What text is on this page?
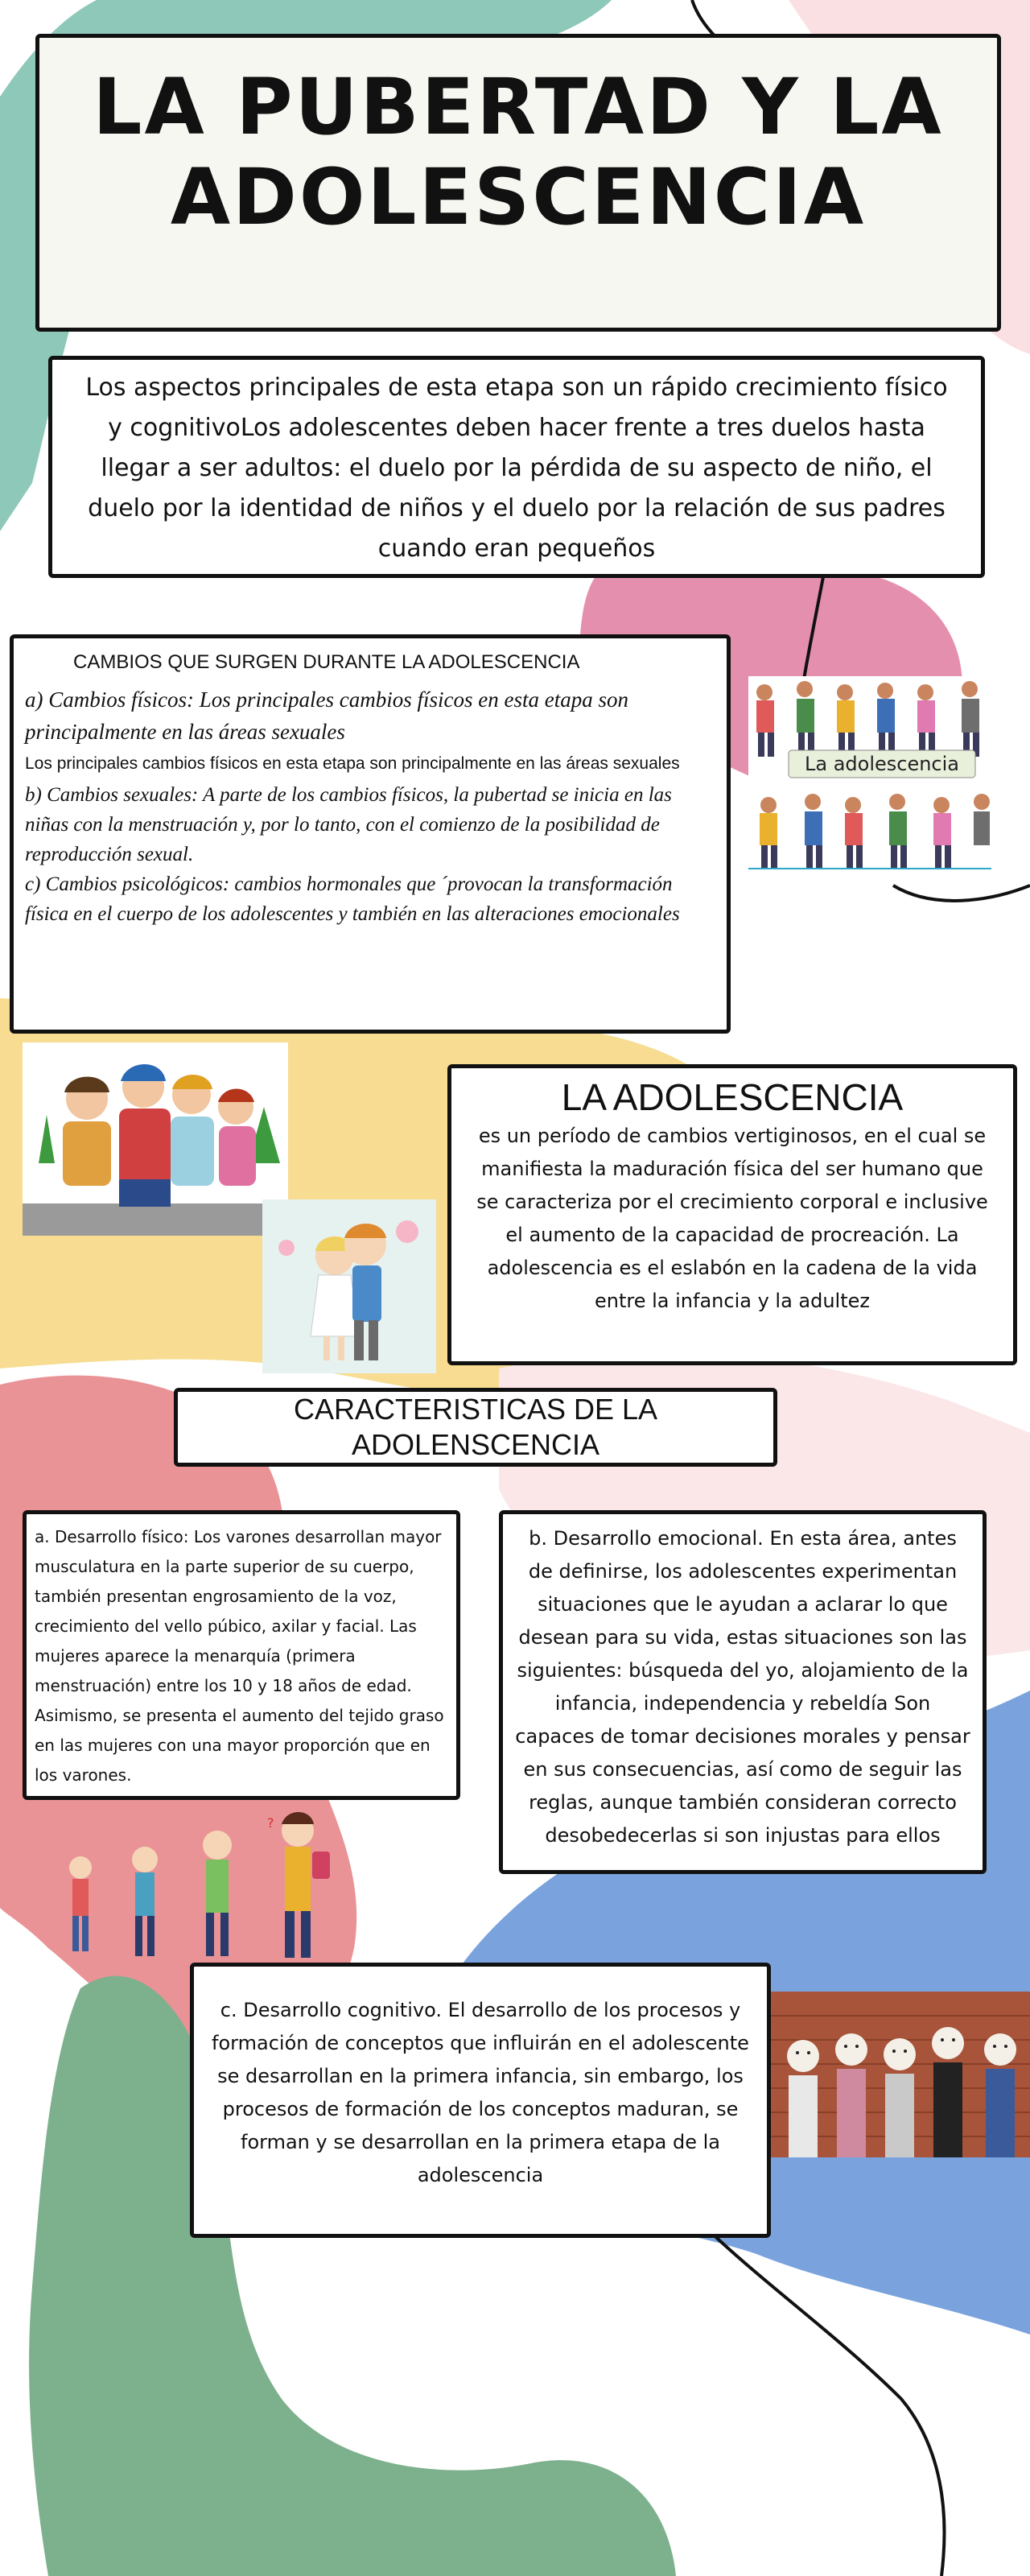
LA PUBERTAD Y LA

ADOLESCENCIA

Los aspectos principales de esta etapa son un rápido crecimiento físico y cognitivoLos adolescentes deben hacer frente a tres duelos hasta llegar a ser adultos: el duelo por la pérdida de su aspecto de niño, el duelo por la identidad de niños y el duelo por la relación de sus padres cuando eran pequeños

CAMBIOS QUE SURGEN DURANTE LA ADOLESCENCIA

a) Cambios físicos: Los principales cambios físicos en esta etapa son principalmente en las áreas sexuales

Los principales cambios físicos en esta etapa son principalmente en las áreas sexuales

b) Cambios sexuales: A parte de los cambios físicos, la pubertad se inicia en las niñas con la menstruación y, por lo tanto, con el comienzo de la posibilidad de reproducción sexual.

c) Cambios psicológicos: cambios hormonales que ´provocan la transformación física en el cuerpo de los adolescentes y también en las alteraciones emocionales

La adolescencia

LA ADOLESCENCIA

es un período de cambios vertiginosos, en el cual se manifiesta la maduración física del ser humano que se caracteriza por el crecimiento corporal e inclusive el aumento de la capacidad de procreación. La adolescencia es el eslabón en la cadena de la vida entre la infancia y la adultez

CARACTERISTICAS DE LA ADOLENSCENCIA

a. Desarrollo físico: Los varones desarrollan mayor musculatura en la parte superior de su cuerpo, también presentan engrosamiento de la voz, crecimiento del vello púbico, axilar y facial. Las mujeres aparece la menarquía (primera menstruación) entre los 10 y 18 años de edad. Asimismo, se presenta el aumento del tejido graso en las mujeres con una mayor proporción que en los varones.

b. Desarrollo emocional. En esta área, antes de definirse, los adolescentes experimentan situaciones que le ayudan a aclarar lo que desean para su vida, estas situaciones son las siguientes: búsqueda del yo, alojamiento de la infancia, independencia y rebeldía Son capaces de tomar decisiones morales y pensar en sus consecuencias, así como de seguir las reglas, aunque también consideran correcto desobedecerlas si son injustas para ellos

?

c. Desarrollo cognitivo. El desarrollo de los procesos y formación de conceptos que influirán en el adolescente se desarrollan en la primera infancia, sin embargo, los procesos de formación de los conceptos maduran, se forman y se desarrollan en la primera etapa de la adolescencia
